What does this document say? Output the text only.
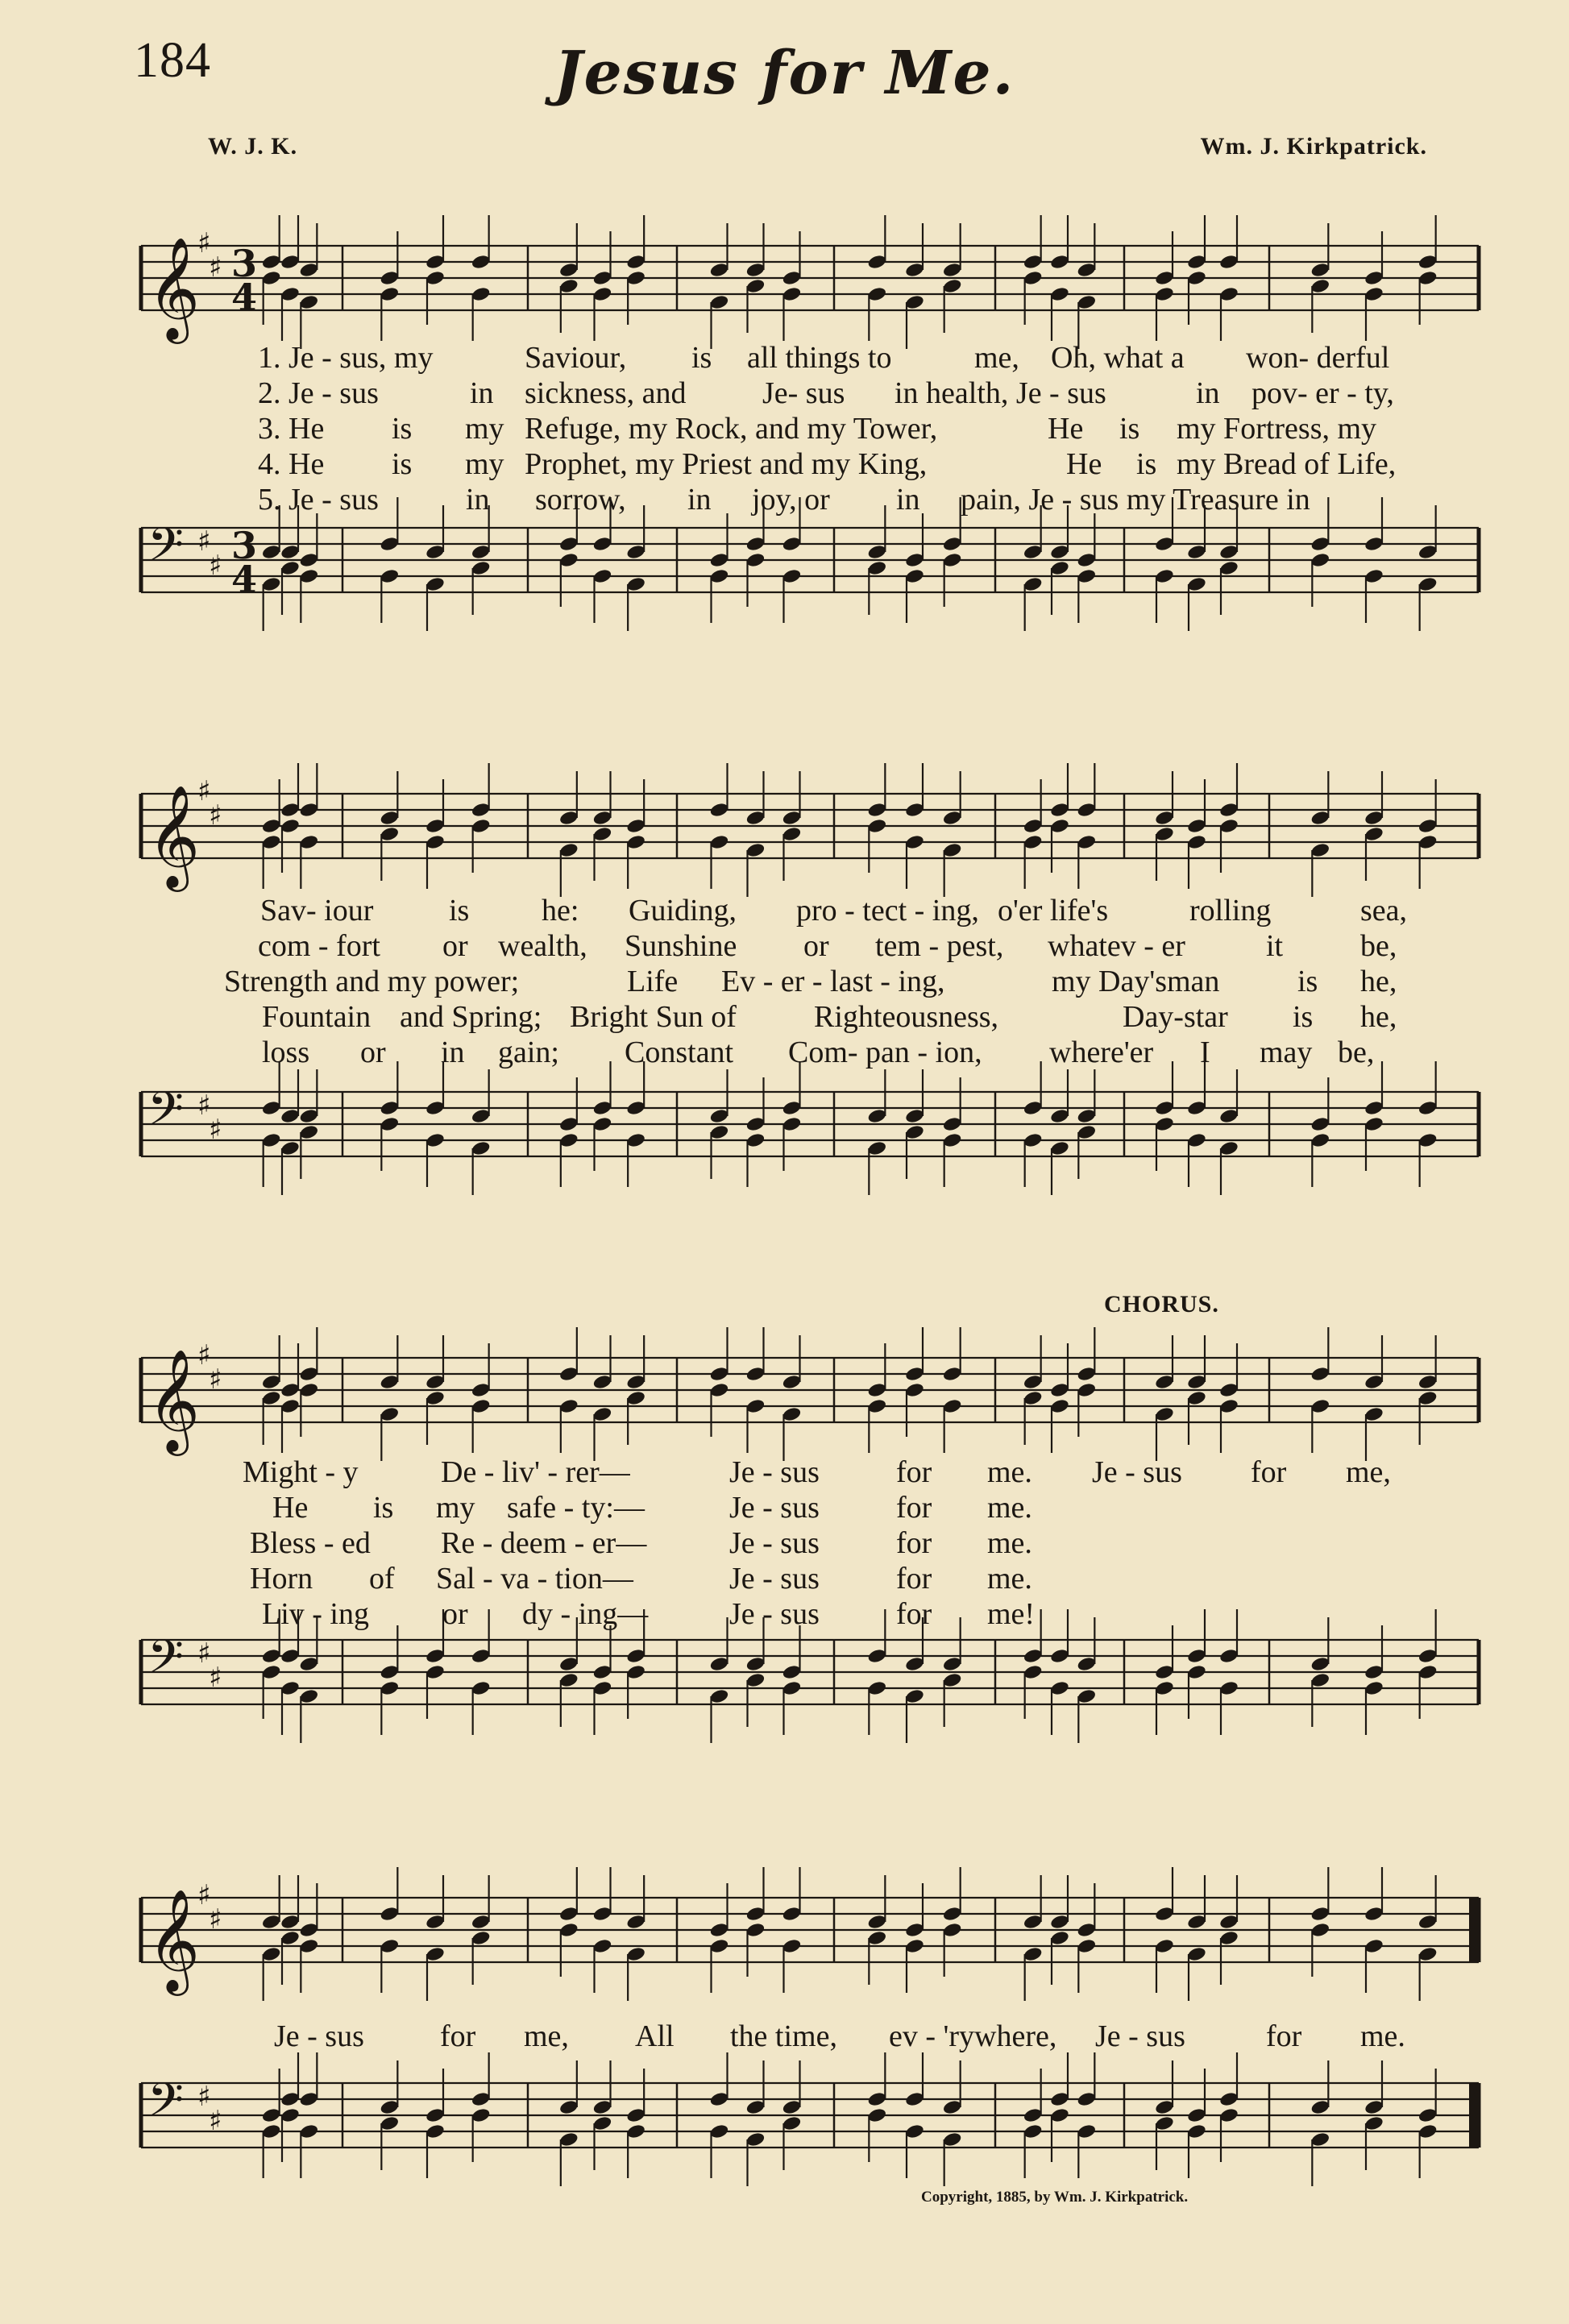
184	Jesus for Me.
W. J. K.	Wm. J. Kirkpatrick.
𝄞
♯
♯ 3
4
1. Je - sus, my	Saviour, is all things to	me, Oh, what a won- derful
2. Je - sus	in sickness, and Je- sus in health, Je - sus	in pov- er - ty,
3. He is my Refuge, my Rock, and my Tower,	He is my Fortress, my
4. He is my Prophet, my Priest and my King,	He is my Bread of Life,
5. Je - sus	in sorrow, in joy, or in pain, Je - sus my Treasure in
𝄢 ♯
♯ 3
4
𝄞
♯
♯
Sav- iour is he: Guiding, pro - tect - ing, o'er life's	rolling	sea,
com - fort or wealth, Sunshine or tem - pest, whatev - er	it	be,
Strength and my power;	Life Ev - er - last - ing,	my Day'sman	is he,
Fountain and Spring; Bright Sun of	Righteousness,	Day-star is he,
loss or in gain; Constant Com- pan - ion, where'er I may be,
𝄢 ♯
♯
CHORUS.
𝄞
♯
♯
Might - y	De - liv' - rer—	Je - sus	for me. Je - sus for me,
He is my safe - ty:—	Je - sus	for me.
Bless - ed Re - deem - er—	Je - sus	for me.
Horn of Sal - va - tion—	Je - sus	for me.
Liv - ing or dy - ing—	Je - sus	for me!
𝄢 ♯
♯
𝄞
♯
♯
Je - sus for me, All the time, ev - 'rywhere, Je - sus	for me.
𝄢 ♯
♯
Copyright, 1885, by Wm. J. Kirkpatrick.
